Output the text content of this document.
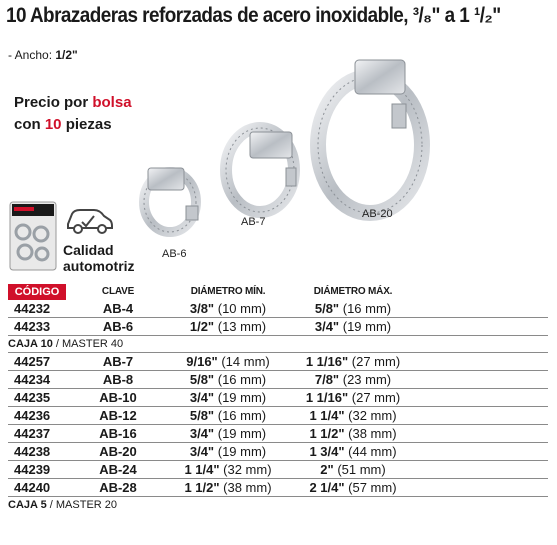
10 Abrazaderas reforzadas de acero inoxidable, ³/₈" a 1 ¹/₂"
- Ancho: 1/2"
Precio por bolsa
con 10 piezas
Calidad
automotriz
AB-6
AB-7
AB-20
CÓDIGO	CLAVE	DIÁMETRO MÍN.	DIÁMETRO MÁX.
44232	AB-4	3/8" (10 mm)	5/8" (16 mm)
44233	AB-6	1/2" (13 mm)	3/4" (19 mm)
CAJA 10 / MASTER 40
44257	AB-7	9/16" (14 mm)	1 1/16" (27 mm)
44234	AB-8	5/8" (16 mm)	7/8" (23 mm)
44235	AB-10	3/4" (19 mm)	1 1/16" (27 mm)
44236	AB-12	5/8" (16 mm)	1 1/4" (32 mm)
44237	AB-16	3/4" (19 mm)	1 1/2" (38 mm)
44238	AB-20	3/4" (19 mm)	1 3/4" (44 mm)
44239	AB-24	1 1/4" (32 mm)	2" (51 mm)
44240	AB-28	1 1/2" (38 mm)	2 1/4" (57 mm)
CAJA 5 / MASTER 20
